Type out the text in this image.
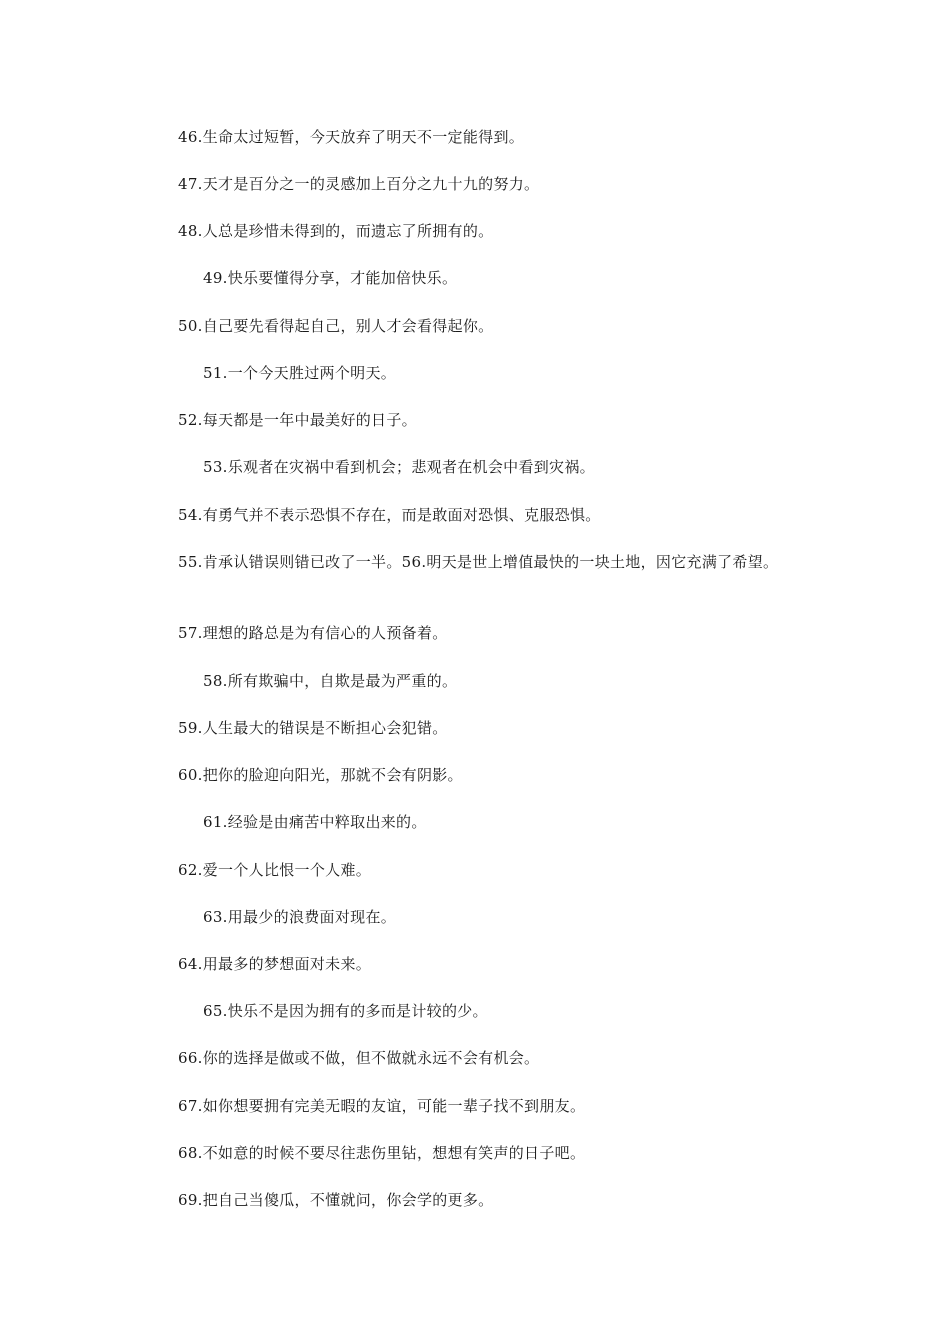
46.生命太过短暂，今天放弃了明天不一定能得到。
47.天才是百分之一的灵感加上百分之九十九的努力。
48.人总是珍惜未得到的，而遗忘了所拥有的。
49.快乐要懂得分享，才能加倍快乐。
50.自己要先看得起自己，别人才会看得起你。
51.一个今天胜过两个明天。
52.每天都是一年中最美好的日子。
53.乐观者在灾祸中看到机会；悲观者在机会中看到灾祸。
54.有勇气并不表示恐惧不存在，而是敢面对恐惧、克服恐惧。
55.肯承认错误则错已改了一半。56.明天是世上增值最快的一块土地，因它充满了希望。
57.理想的路总是为有信心的人预备着。
58.所有欺骗中，自欺是最为严重的。
59.人生最大的错误是不断担心会犯错。
60.把你的脸迎向阳光，那就不会有阴影。
61.经验是由痛苦中粹取出来的。
62.爱一个人比恨一个人难。
63.用最少的浪费面对现在。
64.用最多的梦想面对未来。
65.快乐不是因为拥有的多而是计较的少。
66.你的选择是做或不做，但不做就永远不会有机会。
67.如你想要拥有完美无暇的友谊，可能一辈子找不到朋友。
68.不如意的时候不要尽往悲伤里钻，想想有笑声的日子吧。
69.把自己当傻瓜，不懂就问，你会学的更多。
